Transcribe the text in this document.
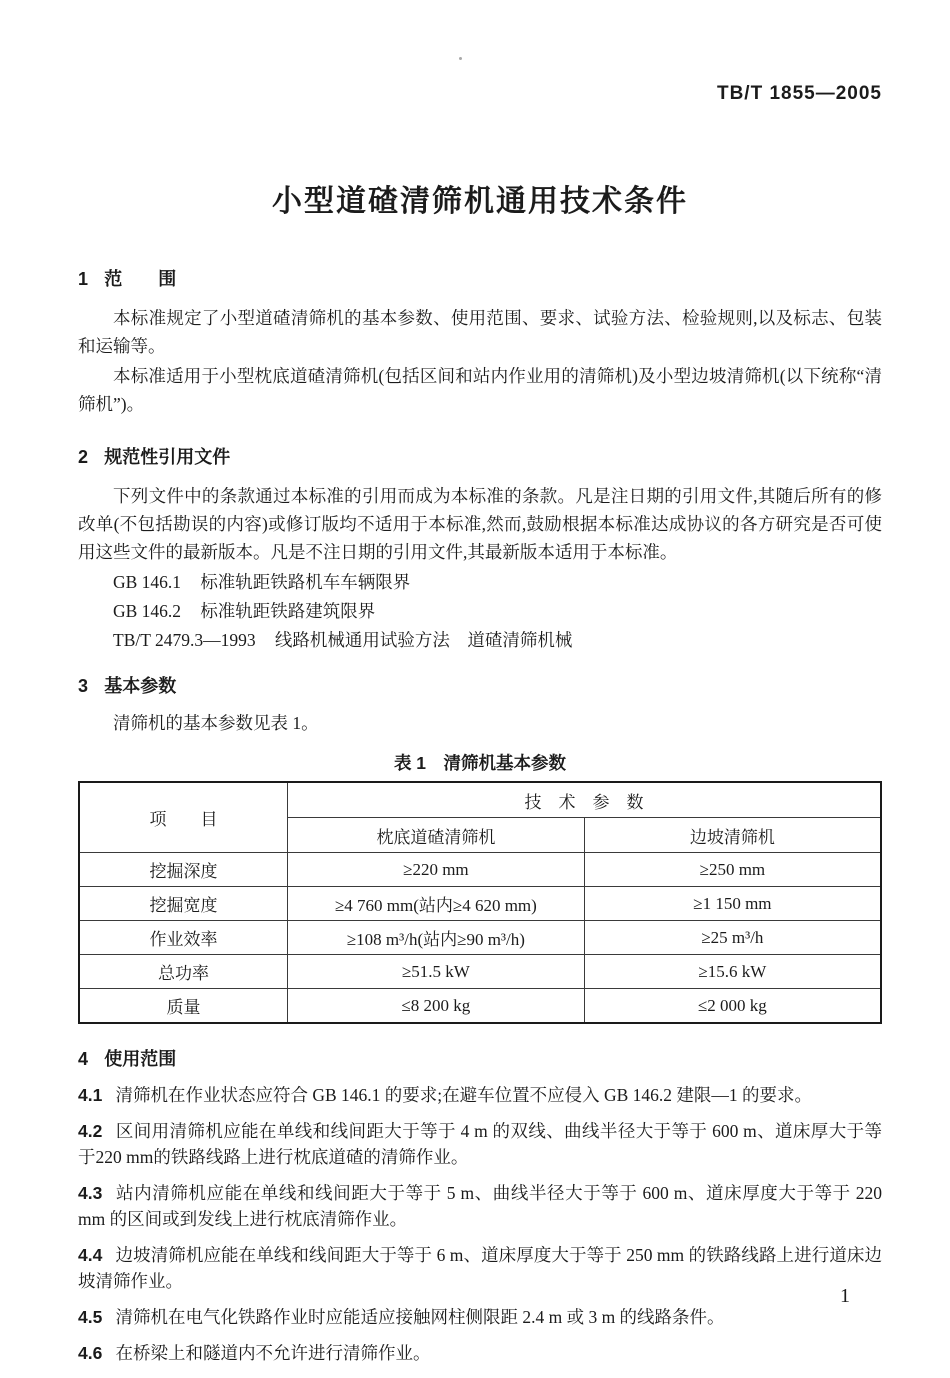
TB/T 1855—2005
小型道碴清筛机通用技术条件
1 范　　围

本标准规定了小型道碴清筛机的基本参数、使用范围、要求、试验方法、检验规则,以及标志、包装和运输等。

本标准适用于小型枕底道碴清筛机(包括区间和站内作业用的清筛机)及小型边坡清筛机(以下统称“清筛机”)。

2 规范性引用文件

下列文件中的条款通过本标准的引用而成为本标准的条款。凡是注日期的引用文件,其随后所有的修改单(不包括勘误的内容)或修订版均不适用于本标准,然而,鼓励根据本标准达成协议的各方研究是否可使用这些文件的最新版本。凡是不注日期的引用文件,其最新版本适用于本标准。

GB 146.1 标准轨距铁路机车车辆限界
GB 146.2 标准轨距铁路建筑限界
TB/T 2479.3—1993 线路机械通用试验方法　道碴清筛机械
3 基本参数

清筛机的基本参数见表 1。

表 1　清筛机基本参数
项　　目	技　术　参　数	
	枕底道碴清筛机	边坡清筛机
挖掘深度	≥220 mm	≥250 mm
挖掘宽度	≥4 760 mm(站内≥4 620 mm)	≥1 150 mm
作业效率	≥108 m³/h(站内≥90 m³/h)	≥25 m³/h
总功率	≥51.5 kW	≥15.6 kW
质量	≤8 200 kg	≤2 000 kg
4 使用范围

4.1 清筛机在作业状态应符合 GB 146.1 的要求;在避车位置不应侵入 GB 146.2 建限—1 的要求。

4.2 区间用清筛机应能在单线和线间距大于等于 4 m 的双线、曲线半径大于等于 600 m、道床厚大于等于220 mm的铁路线路上进行枕底道碴的清筛作业。

4.3 站内清筛机应能在单线和线间距大于等于 5 m、曲线半径大于等于 600 m、道床厚度大于等于 220 mm 的区间或到发线上进行枕底清筛作业。

4.4 边坡清筛机应能在单线和线间距大于等于 6 m、道床厚度大于等于 250 mm 的铁路线路上进行道床边坡清筛作业。

4.5 清筛机在电气化铁路作业时应能适应接触网柱侧限距 2.4 m 或 3 m 的线路条件。

4.6 在桥梁上和隧道内不允许进行清筛作业。

1
